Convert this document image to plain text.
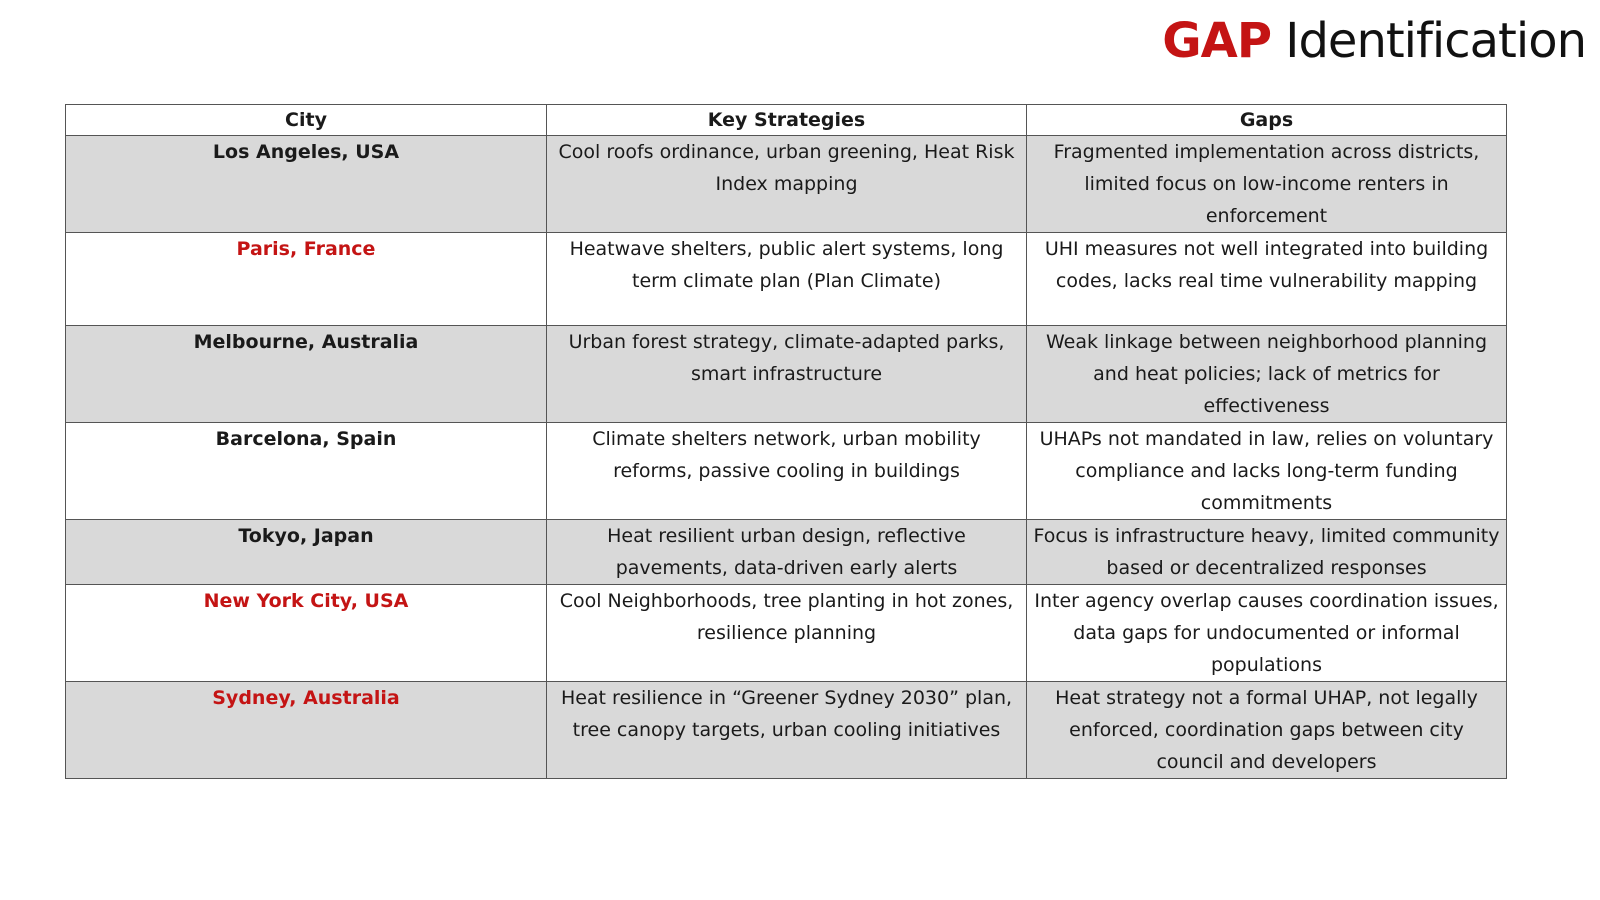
GAP Identification
City	Key Strategies	Gaps
Los Angeles, USA	Cool roofs ordinance, urban greening, Heat Risk Index mapping	Fragmented implementation across districts, limited focus on low-income renters in enforcement
Paris, France	Heatwave shelters, public alert systems, long term climate plan (Plan Climate)	UHI measures not well integrated into building codes, lacks real time vulnerability mapping
Melbourne, Australia	Urban forest strategy, climate-adapted parks, smart infrastructure	Weak linkage between neighborhood planning and heat policies; lack of metrics for effectiveness
Barcelona, Spain	Climate shelters network, urban mobility reforms, passive cooling in buildings	UHAPs not mandated in law, relies on voluntary compliance and lacks long-term funding commitments
Tokyo, Japan	Heat resilient urban design, reflective pavements, data-driven early alerts	Focus is infrastructure heavy, limited community based or decentralized responses
New York City, USA	Cool Neighborhoods, tree planting in hot zones, resilience planning	Inter agency overlap causes coordination issues, data gaps for undocumented or informal populations
Sydney, Australia	Heat resilience in “Greener Sydney 2030” plan, tree canopy targets, urban cooling initiatives	Heat strategy not a formal UHAP, not legally enforced, coordination gaps between city council and developers
